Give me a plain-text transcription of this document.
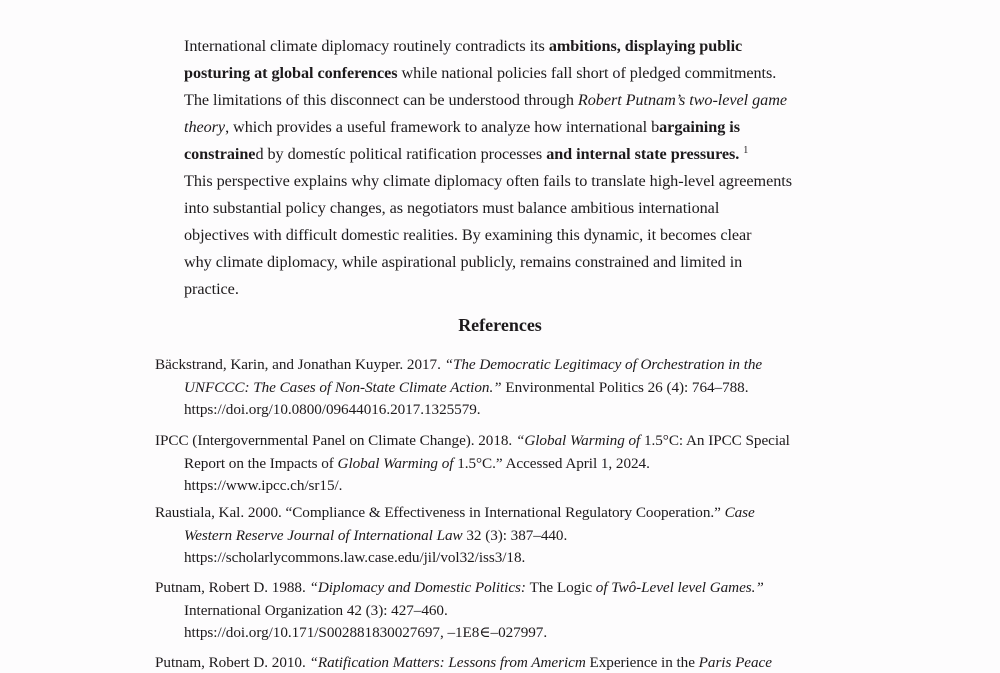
International climate diplomacy routinely contradicts its ambitions, displaying public
posturing at global conferences while national policies fall short of pledged commitments.
The limitations of this disconnect can be understood through Robert Putnam’s two-level game
theory, which provides a useful framework to analyze how international bargaining is
constrained by domestíc political ratification processes and internal state pressures. $^1$
This perspective explains why climate diplomacy often fails to translate high-level agreements
into substantial policy changes, as negotiators must balance ambitious international
objectives with difficult domestic realities. By examining this dynamic, it becomes clear
why climate diplomacy, while aspirational publicly, remains constrained and limited in
practice.
References
Bäckstrand, Karin, and Jonathan Kuyper. 2017. “The Democratic Legitimacy of Orchestration in the
UNFCCC: The Cases of Non-State Climate Action.” Environmental Politics 26 (4): 764–788.
https://doi.org/10.0800/09644016.2017.1325579.
IPCC (Intergovernmental Panel on Climate Change). 2018. “Global Warming of 1.5°C: An IPCC Special
Report on the Impacts of Global Warming of 1.5°C.” Accessed April 1, 2024.
https://www.ipcc.ch/sr15/.
Raustiala, Kal. 2000. “Compliance & Effectiveness in International Regulatory Cooperation.” Case
Western Reserve Journal of International Law 32 (3): 387–440.
https://scholarlycommons.law.case.edu/jil/vol32/iss3/18.
Putnam, Robert D. 1988. “Diplomacy and Domestic Politics: The Logic of Twô-Level level Games.”
International Organization 42 (3): 427–460.
https://doi.org/10.171/S002881830027697, –1E8∈–027997.
Putnam, Robert D. 2010. “Ratification Matters: Lessons from Americm Experience in the Paris Peace
